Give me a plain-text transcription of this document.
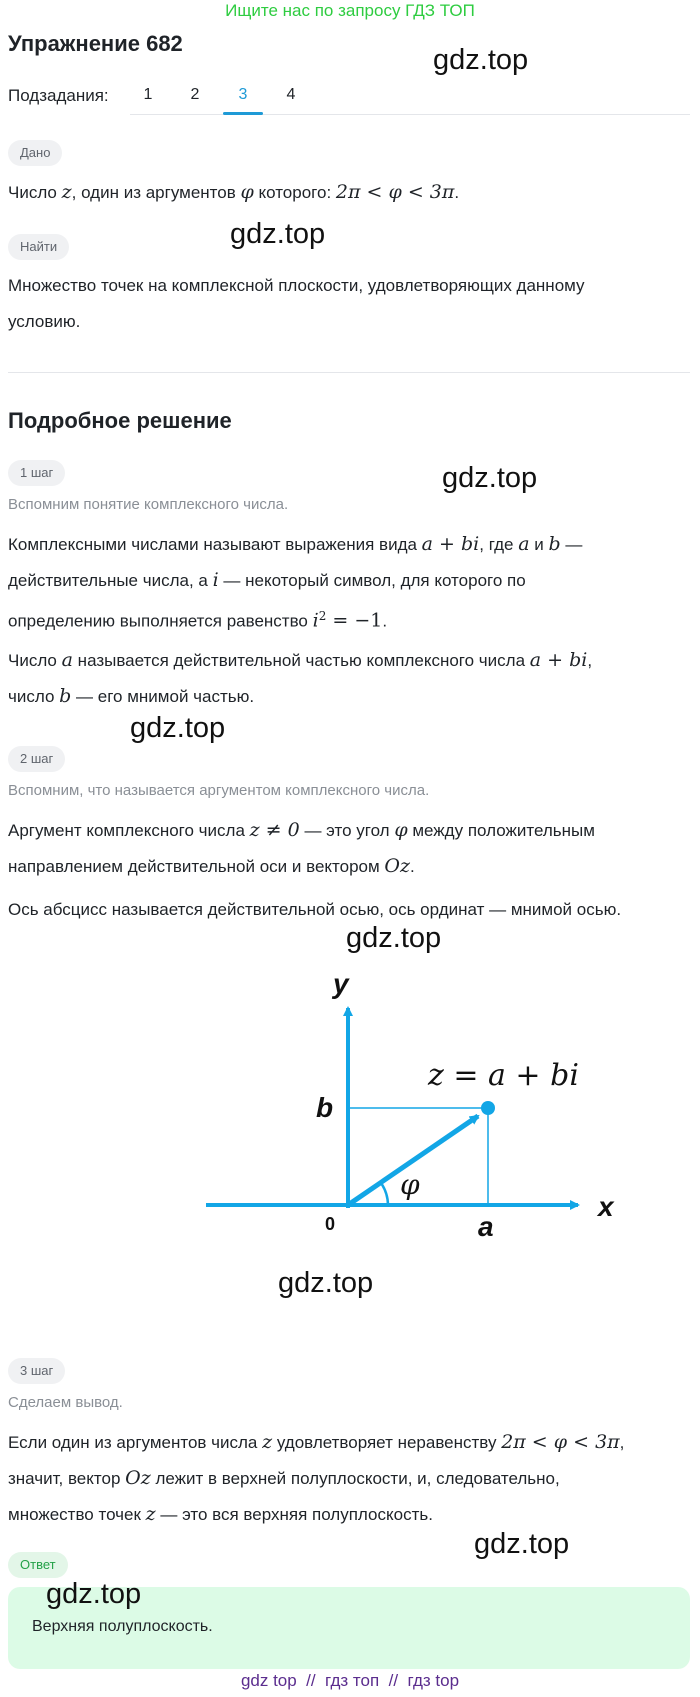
Ищите нас по запросу ГДЗ ТОП
Упражнение 682
gdz.top
Подзадания:	1	2	3	4
Дано
Число z, один из аргументов φ которого: 2π < φ < 3π.
Найти	gdz.top
Множество точек на комплексной плоскости, удовлетворяющих данному
условию.
Подробное решение
1 шаг	gdz.top
Вспомним понятие комплексного числа.
Комплексными числами называют выражения вида a + bi, где a и b —
действительные числа, а i — некоторый символ, для которого по
определению выполняется равенство $i^2 = -1$.
Число a называется действительной частью комплексного числа a + bi,
число b — его мнимой частью.
gdz.top
2 шаг
Вспомним, что называется аргументом комплексного числа.
Аргумент комплексного числа z ≠ 0 — это угол φ между положительным
направлением действительной оси и вектором Oz.
Ось абсцисс называется действительной осью, ось ординат — мнимой осью.
gdz.top
y
x
b
a
0
φ
z = a + bi
gdz.top
3 шаг
Сделаем вывод.
Если один из аргументов числа z удовлетворяет неравенству 2π < φ < 3π,
значит, вектор Oz лежит в верхней полуплоскости, и, следовательно,
множество точек z — это вся верхняя полуплоскость.
gdz.top
Ответ
gdz.top
Верхняя полуплоскость.
gdz top  //  гдз топ  //  гдз top
